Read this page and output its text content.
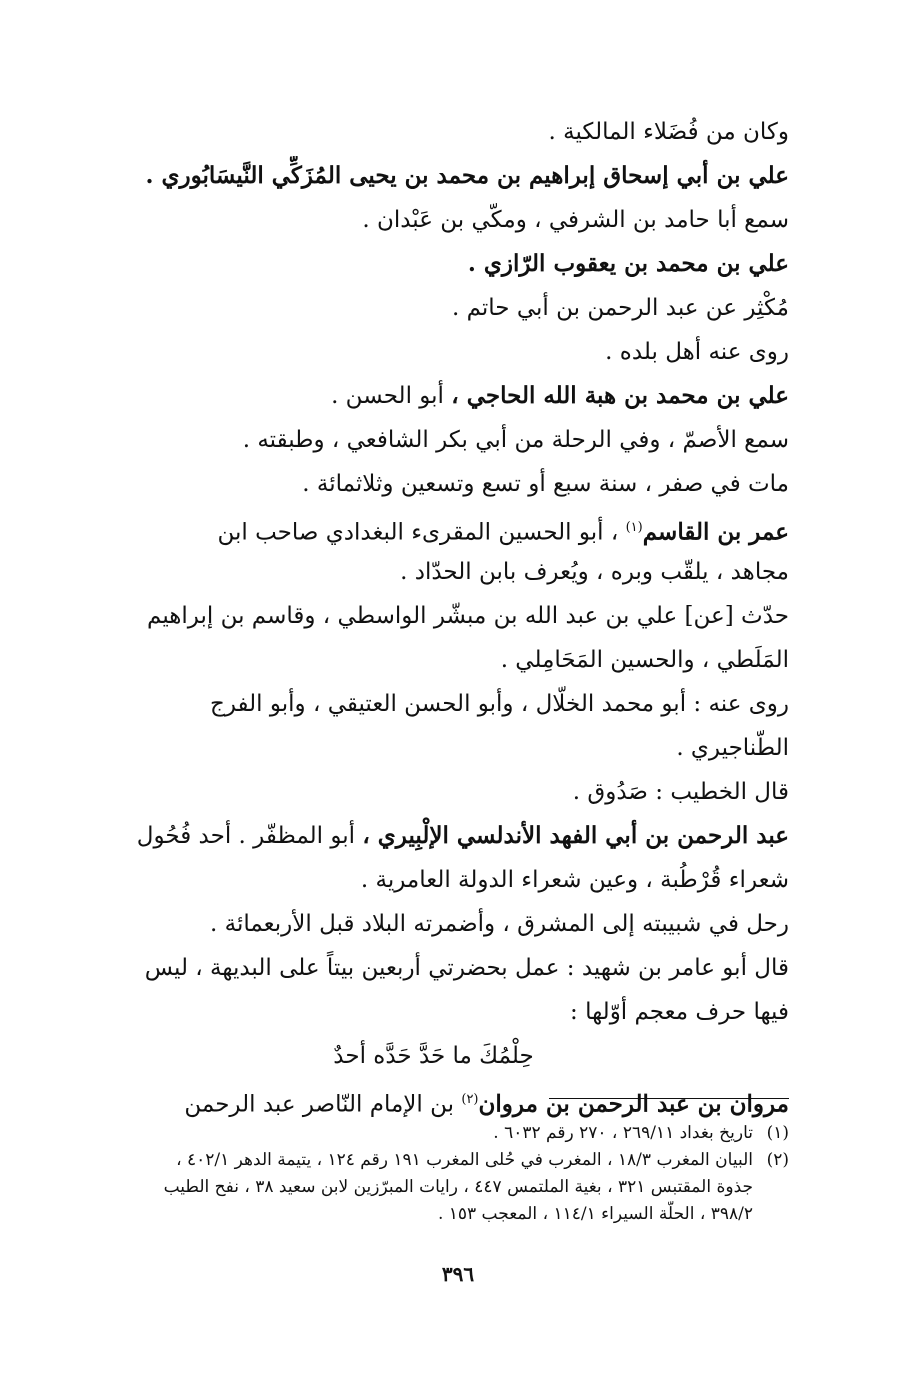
وكان من فُضَلاء المالكية .
علي بن أبي إسحاق إبراهيم بن محمد بن يحيى المُزَكِّي النَّيسَابُوري .
سمع أبا حامد بن الشرفي ، ومكّي بن عَبْدان .
علي بن محمد بن يعقوب الرّازي .
مُكْثِر عن عبد الرحمن بن أبي حاتم .
روى عنه أهل بلده .
علي بن محمد بن هبة الله الحاجي ، أبو الحسن .
سمع الأصمّ ، وفي الرحلة من أبي بكر الشافعي ، وطبقته .
مات في صفر ، سنة سبع أو تسع وتسعين وثلاثمائة .
عمر بن القاسم$^{(١)}$ ، أبو الحسين المقرىء البغدادي صاحب ابن
مجاهد ، يلقّب وبره ، ويُعرف بابن الحدّاد .
حدّث [عن] علي بن عبد الله بن مبشّر الواسطي ، وقاسم بن إبراهيم
المَلَطي ، والحسين المَحَامِلي .
روى عنه : أبو محمد الخلّال ، وأبو الحسن العتيقي ، وأبو الفرج
الطّناجيري .
قال الخطيب : صَدُوق .
عبد الرحمن بن أبي الفهد الأندلسي الإلْبِيري ، أبو المظفّر . أحد فُحُول
شعراء قُرْطُبة ، وعين شعراء الدولة العامرية .
رحل في شبيبته إلى المشرق ، وأضمرته البلاد قبل الأربعمائة .
قال أبو عامر بن شهيد : عمل بحضرتي أربعين بيتاً على البديهة ، ليس
فيها حرف معجم أوّلها :
حِلْمُكَ ما حَدَّ حَدَّه أحدٌ
مروان بن عبد الرحمن بن مروان$^{(٢)}$ بن الإمام النّاصر عبد الرحمن
(١)تاريخ بغداد ٢٦٩/١١ ، ٢٧٠ رقم ٦٠٣٢ .
(٢)البيان المغرب ١٨/٣ ، المغرب في حُلى المغرب ١٩١ رقم ١٢٤ ، يتيمة الدهر ٤٠٢/١ ،
جذوة المقتبس ٣٢١ ، بغية الملتمس ٤٤٧ ، رايات المبرّزين لابن سعيد ٣٨ ، نفح الطيب
٣٩٨/٢ ، الحلّة السيراء ١١٤/١ ، المعجب ١٥٣ .
٣٩٦
